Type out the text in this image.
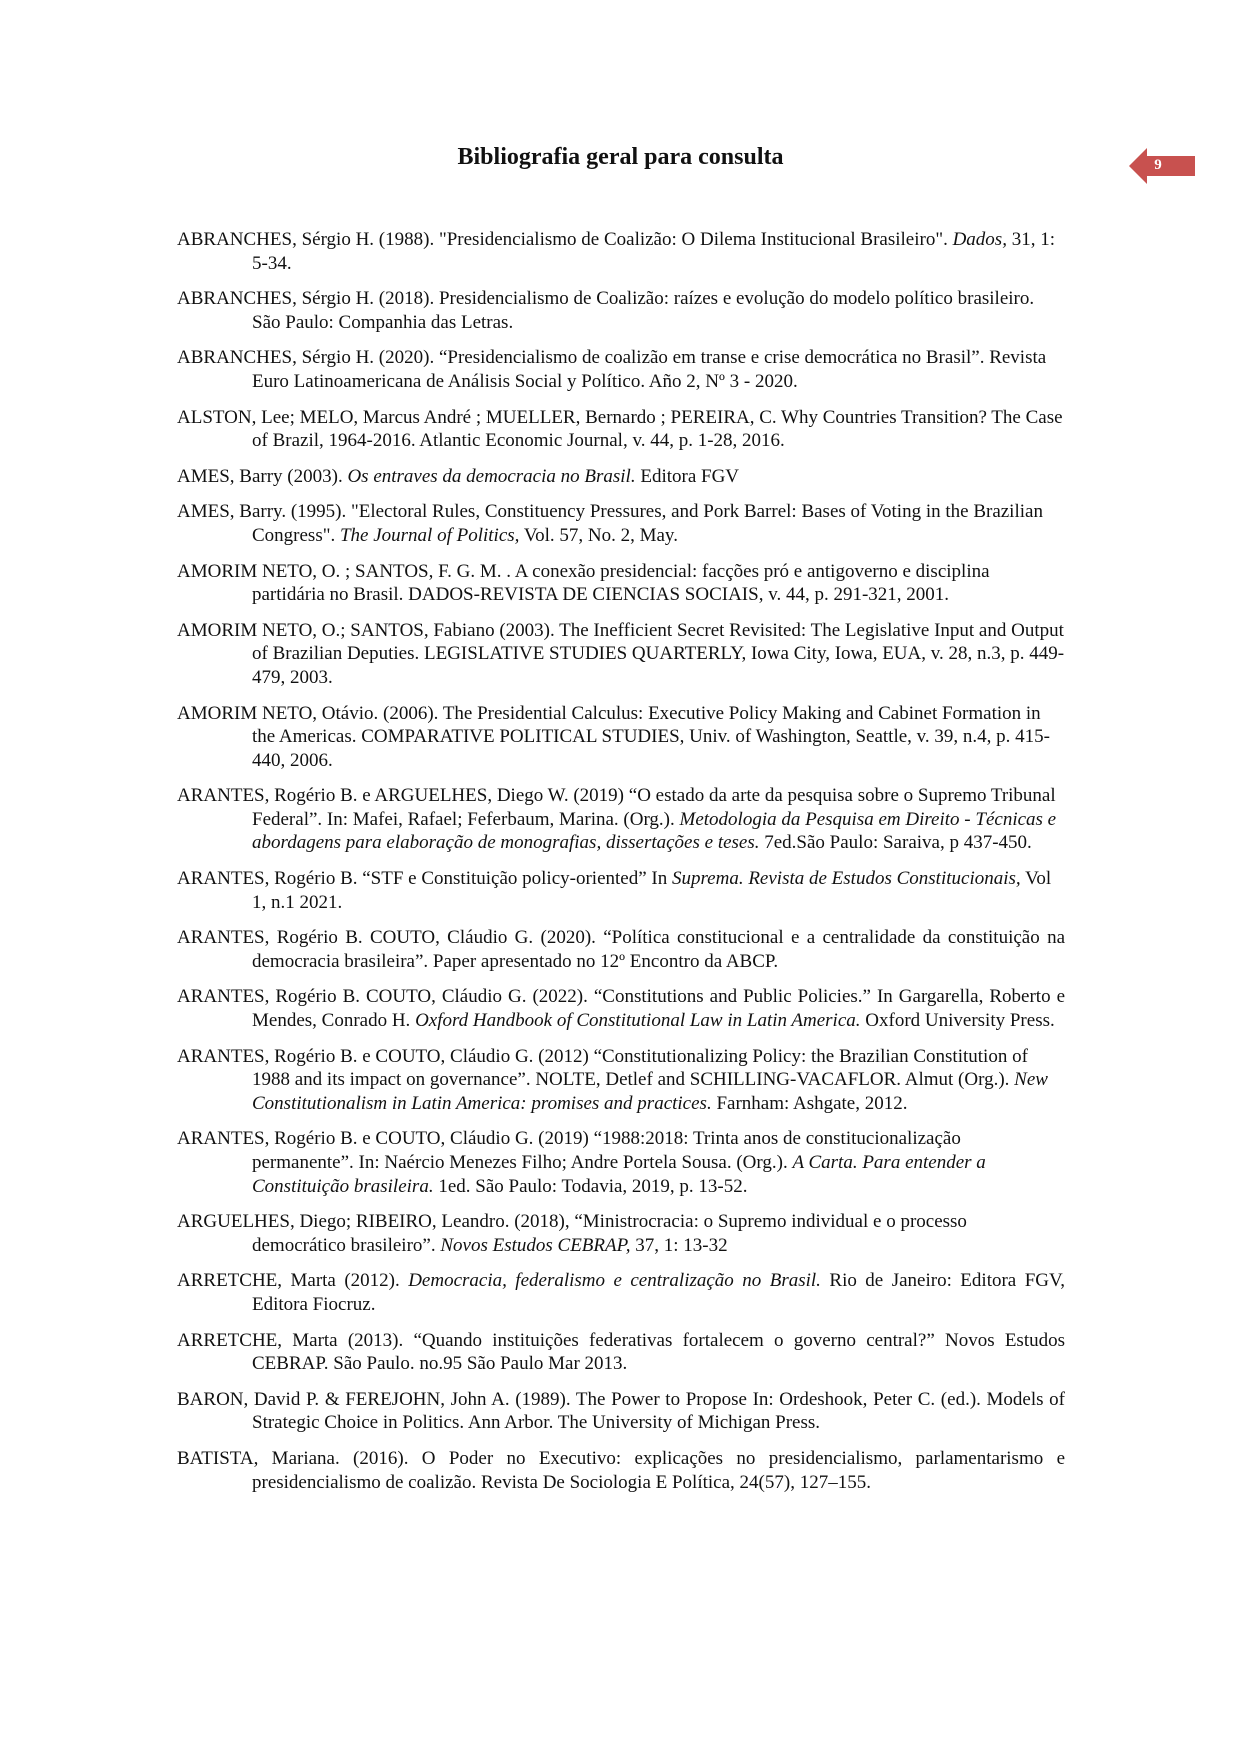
Bibliografia geral para consulta	9

ABRANCHES, Sérgio H. (1988). "Presidencialismo de Coalizão: O Dilema Institucional Brasileiro". Dados, 31, 1: 5-34.

ABRANCHES, Sérgio H. (2018). Presidencialismo de Coalizão: raízes e evolução do modelo político brasileiro. São Paulo: Companhia das Letras.

ABRANCHES, Sérgio H. (2020). “Presidencialismo de coalizão em transe e crise democrática no Brasil”. Revista Euro Latinoamericana de Análisis Social y Político. Año 2, Nº 3 - 2020.

ALSTON, Lee; MELO, Marcus André ; MUELLER, Bernardo ; PEREIRA, C. Why Countries Transition? The Case of Brazil, 1964-2016. Atlantic Economic Journal, v. 44, p. 1-28, 2016.

AMES, Barry (2003). Os entraves da democracia no Brasil. Editora FGV

AMES, Barry. (1995). "Electoral Rules, Constituency Pressures, and Pork Barrel: Bases of Voting in the Brazilian Congress". The Journal of Politics, Vol. 57, No. 2, May.

AMORIM NETO, O. ; SANTOS, F. G. M. . A conexão presidencial: facções pró e antigoverno e disciplina partidária no Brasil. DADOS-REVISTA DE CIENCIAS SOCIAIS, v. 44, p. 291-321, 2001.

AMORIM NETO, O.; SANTOS, Fabiano (2003). The Inefficient Secret Revisited: The Legislative Input and Output of Brazilian Deputies. LEGISLATIVE STUDIES QUARTERLY, Iowa City, Iowa, EUA, v. 28, n.3, p. 449-479, 2003.

AMORIM NETO, Otávio. (2006). The Presidential Calculus: Executive Policy Making and Cabinet Formation in the Americas. COMPARATIVE POLITICAL STUDIES, Univ. of Washington, Seattle, v. 39, n.4, p. 415-440, 2006.

ARANTES, Rogério B. e ARGUELHES, Diego W. (2019) “O estado da arte da pesquisa sobre o Supremo Tribunal Federal”. In: Mafei, Rafael; Feferbaum, Marina. (Org.). Metodologia da Pesquisa em Direito - Técnicas e abordagens para elaboração de monografias, dissertações e teses. 7ed.São Paulo: Saraiva, p 437-450.

ARANTES, Rogério B. “STF e Constituição policy-oriented” In Suprema. Revista de Estudos Constitucionais, Vol 1, n.1 2021.

ARANTES, Rogério B. COUTO, Cláudio G. (2020). “Política constitucional e a centralidade da constituição na democracia brasileira”. Paper apresentado no 12º Encontro da ABCP.

ARANTES, Rogério B. COUTO, Cláudio G. (2022). “Constitutions and Public Policies.” In Gargarella, Roberto e Mendes, Conrado H. Oxford Handbook of Constitutional Law in Latin America. Oxford University Press.

ARANTES, Rogério B. e COUTO, Cláudio G. (2012) “Constitutionalizing Policy: the Brazilian Constitution of 1988 and its impact on governance”. NOLTE, Detlef and SCHILLING-VACAFLOR. Almut (Org.). New Constitutionalism in Latin America: promises and practices. Farnham: Ashgate, 2012.

ARANTES, Rogério B. e COUTO, Cláudio G. (2019) “1988:2018: Trinta anos de constitucionalização permanente”. In: Naércio Menezes Filho; Andre Portela Sousa. (Org.). A Carta. Para entender a Constituição brasileira. 1ed. São Paulo: Todavia, 2019, p. 13-52.

ARGUELHES, Diego; RIBEIRO, Leandro. (2018), “Ministrocracia: o Supremo individual e o processo democrático brasileiro”. Novos Estudos CEBRAP, 37, 1: 13-32

ARRETCHE, Marta (2012). Democracia, federalismo e centralização no Brasil. Rio de Janeiro: Editora FGV, Editora Fiocruz.

ARRETCHE, Marta (2013). “Quando instituições federativas fortalecem o governo central?” Novos Estudos CEBRAP. São Paulo. no.95 São Paulo Mar 2013.

BARON, David P. & FEREJOHN, John A. (1989). The Power to Propose In: Ordeshook, Peter C. (ed.). Models of Strategic Choice in Politics. Ann Arbor. The University of Michigan Press.

BATISTA, Mariana. (2016). O Poder no Executivo: explicações no presidencialismo, parlamentarismo e presidencialismo de coalizão. Revista De Sociologia E Política, 24(57), 127–155.
